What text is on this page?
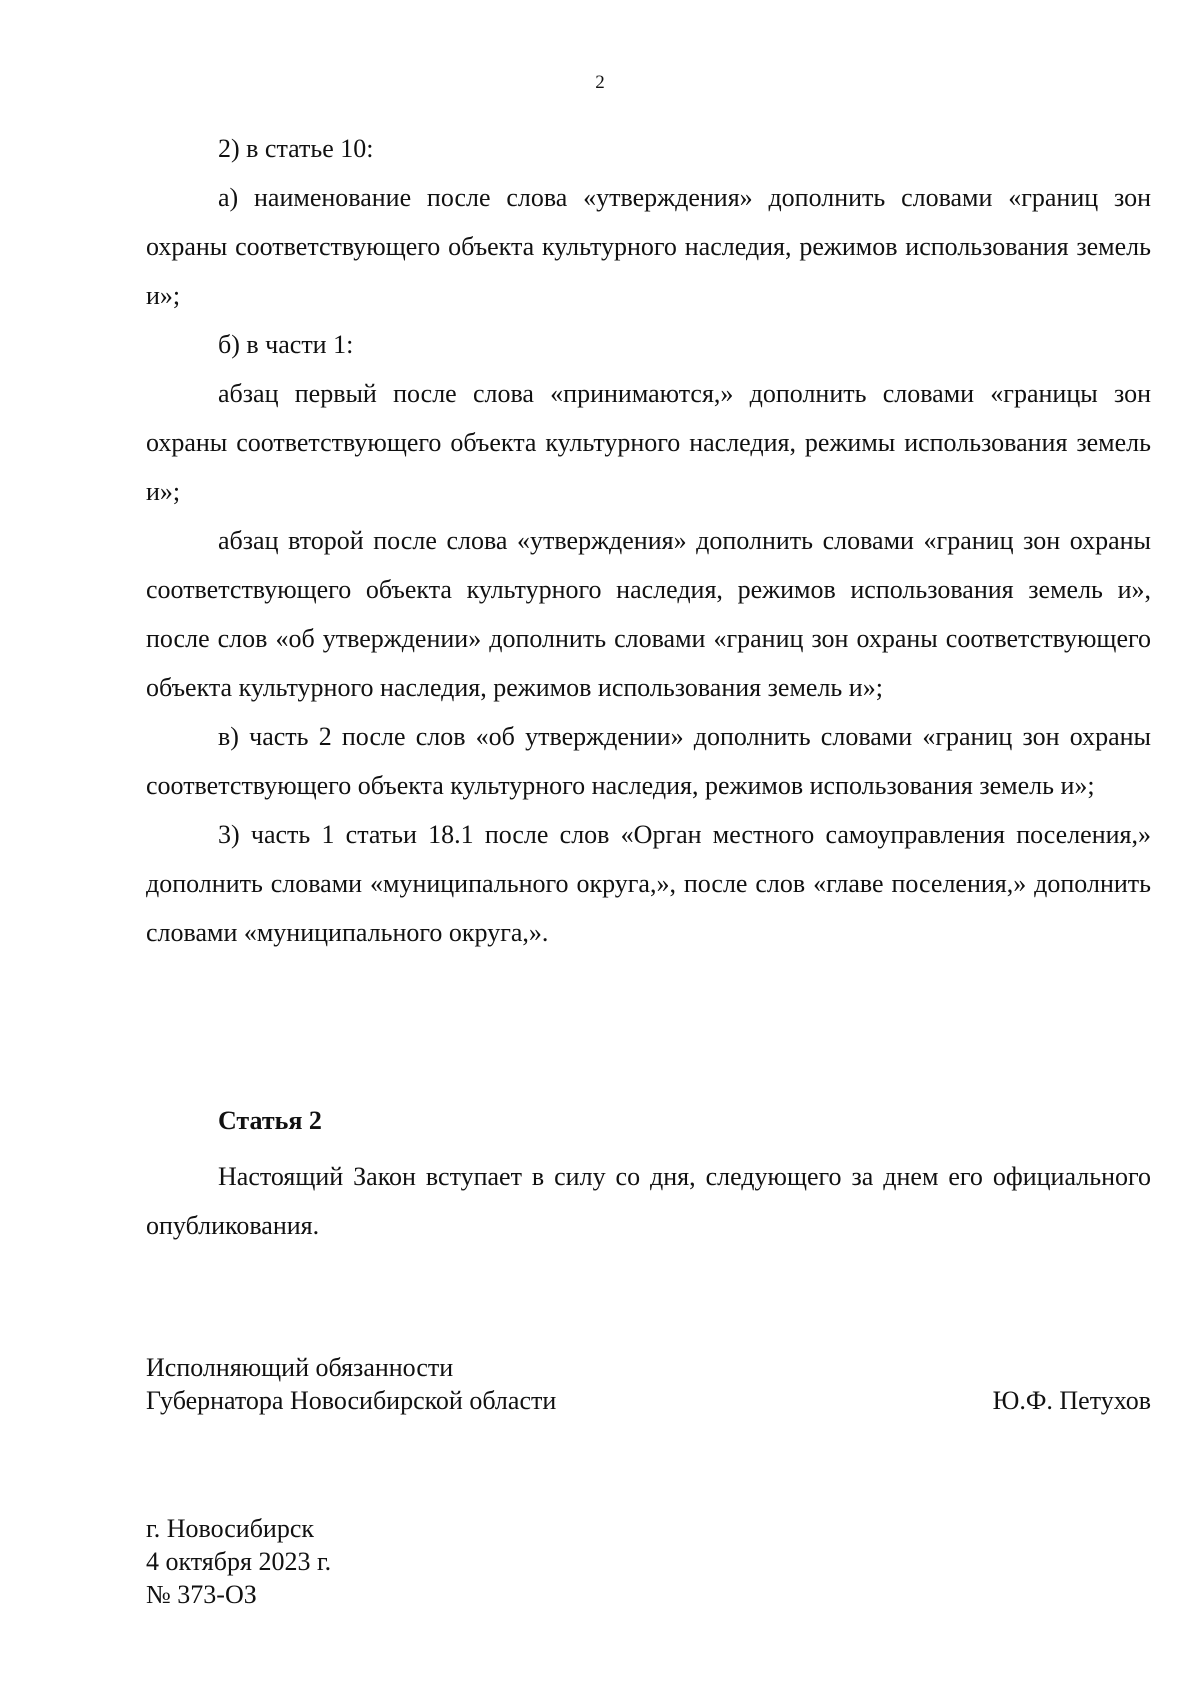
2

2) в статье 10:

а) наименование после слова «утверждения» дополнить словами «границ зон охраны соответствующего объекта культурного наследия, режимов использования земель и»;

б) в части 1:

абзац первый после слова «принимаются,» дополнить словами «границы зон охраны соответствующего объекта культурного наследия, режимы использования земель и»;

абзац второй после слова «утверждения» дополнить словами «границ зон охраны соответствующего объекта культурного наследия, режимов использования земель и», после слов «об утверждении» дополнить словами «границ зон охраны соответствующего объекта культурного наследия, режимов использования земель и»;

в) часть 2 после слов «об утверждении» дополнить словами «границ зон охраны соответствующего объекта культурного наследия, режимов использования земель и»;

3) часть 1 статьи 18.1 после слов «Орган местного самоуправления поселения,» дополнить словами «муниципального округа,», после слов «главе поселения,» дополнить словами «муниципального округа,».

Статья 2

Настоящий Закон вступает в силу со дня, следующего за днем его официального опубликования.

Исполняющий обязанности
Губернатора Новосибирской области	Ю.Ф. Петухов
г. Новосибирск
4 октября 2023 г.
№ 373-ОЗ
